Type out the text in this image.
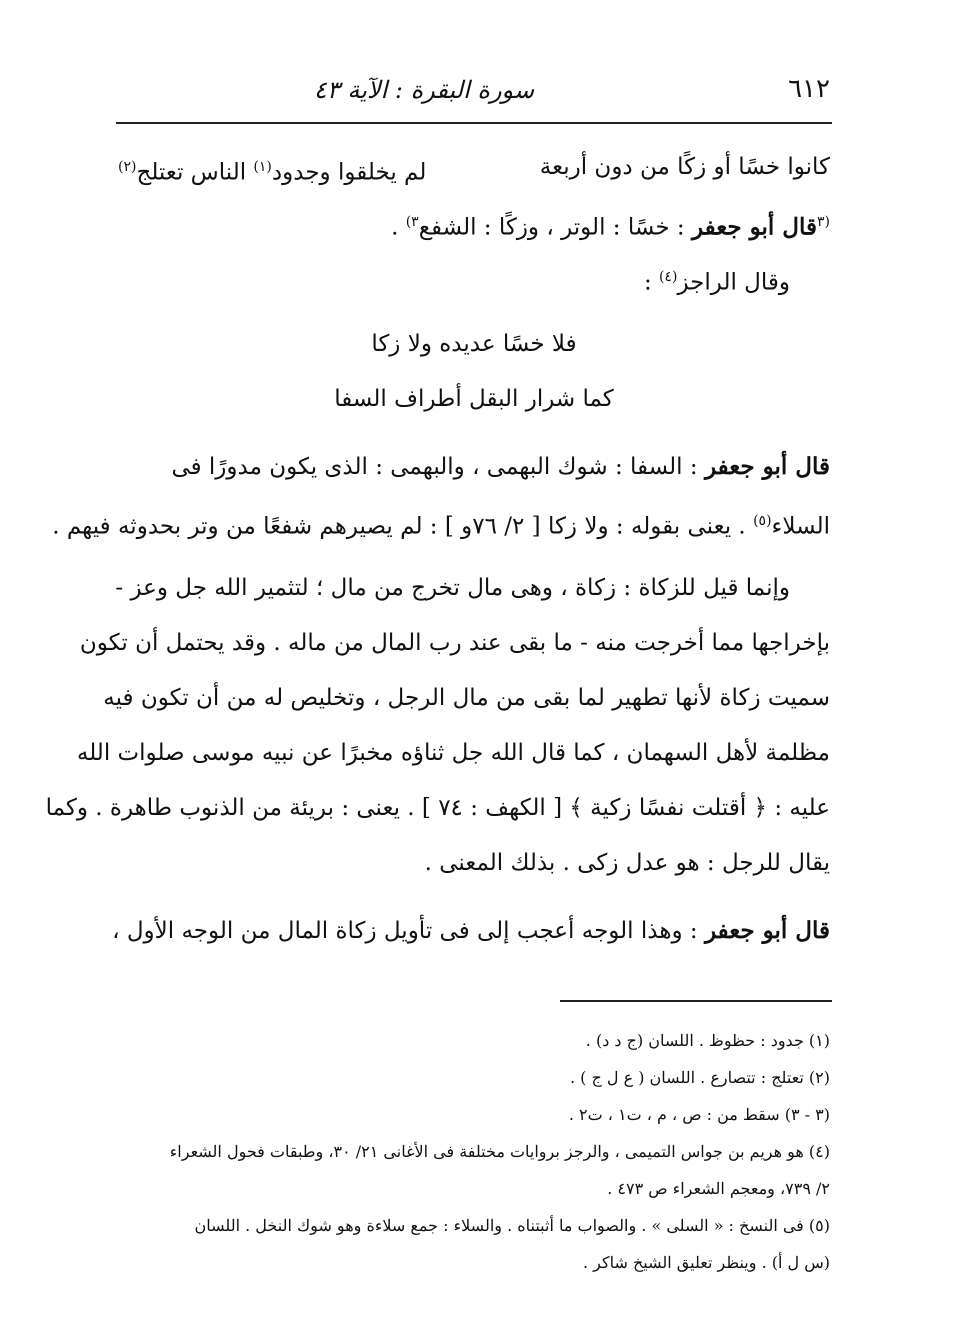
٦١٢
سورة البقرة : الآية ٤٣
كانوا خسًا أو زكًا من دون أربعة
لم يخلقوا وجدود$^{(١)}$ الناس تعتلج$^{(٢)}$
$^{(٣}$قال أبو جعفر : خسًا : الوتر ، وزكًا : الشفع$^{٣)}$ .
وقال الراجز$^{(٤)}$ :
فلا خسًا عديده ولا زكا
كما شرار البقل أطراف السفا
قال أبو جعفر : السفا : شوك البهمى ، والبهمى : الذى يكون مدورًا فى
السلاء$^{(٥)}$ . يعنى بقوله : ولا زكا [ ٢/ ٧٦و ] : لم يصيرهم شفعًا من وتر بحدوثه فيهم .
وإنما قيل للزكاة : زكاة ، وهى مال تخرج من مال ؛ لتثمير الله جل وعز -
بإخراجها مما أخرجت منه - ما بقى عند رب المال من ماله . وقد يحتمل أن تكون
سميت زكاة لأنها تطهير لما بقى من مال الرجل ، وتخليص له من أن تكون فيه
مظلمة لأهل السهمان ، كما قال الله جل ثناؤه مخبرًا عن نبيه موسى صلوات الله
عليه : ﴿ أقتلت نفسًا زكية ﴾ [ الكهف : ٧٤ ] . يعنى : بريئة من الذنوب طاهرة . وكما
يقال للرجل : هو عدل زكى . بذلك المعنى .
قال أبو جعفر : وهذا الوجه أعجب إلى فى تأويل زكاة المال من الوجه الأول ،
(١) جدود : حظوظ . اللسان (ج د د) .
(٢) تعتلج : تتصارع . اللسان ( ع ل ج ) .
(٣ - ٣) سقط من : ص ، م ، ت١ ، ت٢ .
(٤) هو هريم بن جواس التميمى ، والرجز بروايات مختلفة فى الأغانى ٢١/ ٣٠، وطبقات فحول الشعراء
٢/ ٧٣٩، ومعجم الشعراء ص ٤٧٣ .
(٥) فى النسخ : « السلى » . والصواب ما أثبتناه . والسلاء : جمع سلاءة وهو شوك النخل . اللسان
(س ل أ) . وينظر تعليق الشيخ شاكر .
